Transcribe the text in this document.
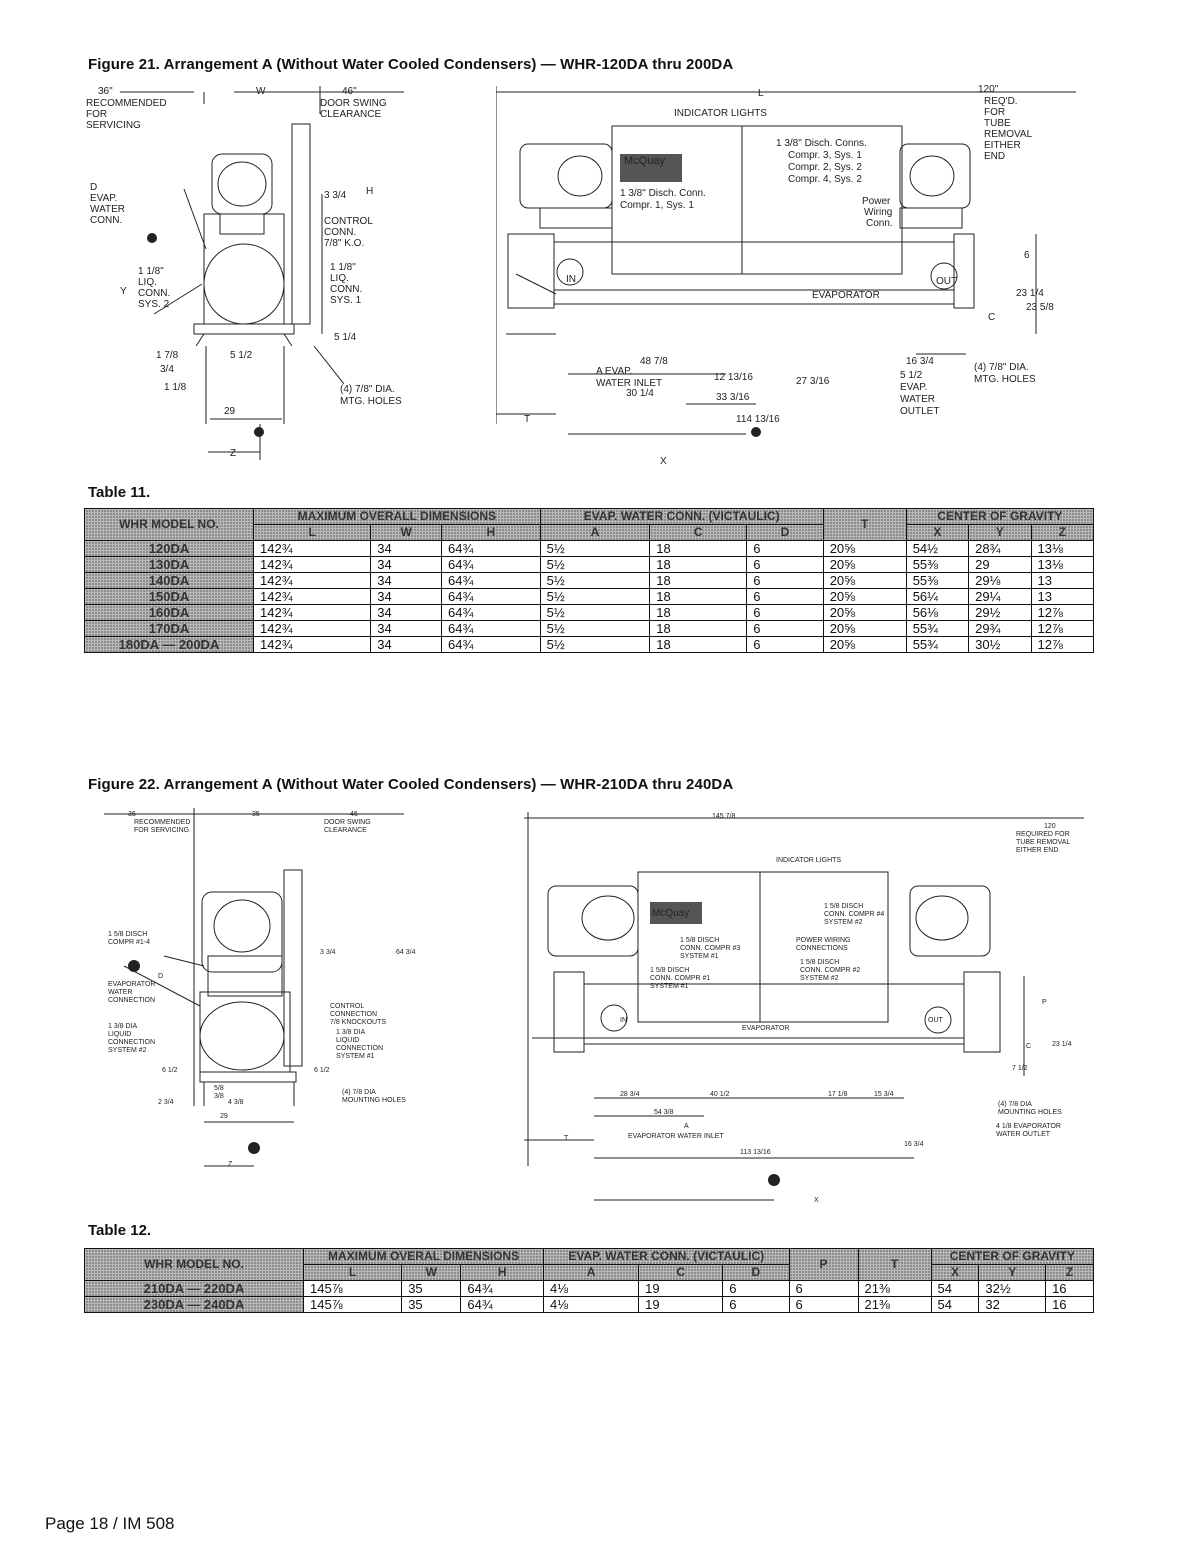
Figure 21. Arrangement A (Without Water Cooled Condensers) — WHR-120DA thru 200DA
36"	W	46"
RECOMMENDED
FOR
SERVICING
DOOR SWING
CLEARANCE
D
EVAP.
WATER
CONN.
3 3/4 H
CONTROL
CONN.
7/8" K.O.
Y
1 1/8"
LIQ.
CONN.
SYS. 2
1 1/8"
LIQ.
CONN.
SYS. 1
5 1/4
1 7/8	5 1/2
3/4
1 1/8	(4) 7/8" DIA.
MTG. HOLES
29
Z
L
INDICATOR LIGHTS
120"
REQ'D.
FOR
TUBE
REMOVAL
EITHER
END
1 3/8" Disch. Conns.
Compr. 3, Sys. 1
Compr. 2, Sys. 2
Compr. 4, Sys. 2
1 3/8" Disch. Conn.
Compr. 1, Sys. 1	Power
Wiring
Conn.
6
IN	OUT
EVAPORATOR	23 1/4
23 5/8
C
48 7/8
A EVAP.
WATER INLET
12 13/16	27 3/16
30 1/4	33 3/16
16 3/4
(4) 7/8" DIA.
MTG. HOLES
5 1/2
EVAP.
WATER
OUTLET
114 13/16
T
X
McQuay
Table 11.
WHR MODEL NO.	MAXIMUM OVERALL DIMENSIONS			EVAP. WATER CONN. (VICTAULIC)			T	CENTER OF GRAVITY		
	L	W	H	A	C	D		X	Y	Z
120DA	142¾	34	64¾	5½	18	6	20⅝	54½	28¾	13⅛
130DA	142¾	34	64¾	5½	18	6	20⅝	55⅜	29	13⅛
140DA	142¾	34	64¾	5½	18	6	20⅝	55⅜	29⅛	13
150DA	142¾	34	64¾	5½	18	6	20⅝	56¼	29¼	13
160DA	142¾	34	64¾	5½	18	6	20⅝	56⅛	29½	12⅞
170DA	142¾	34	64¾	5½	18	6	20⅝	55¾	29¾	12⅞
180DA — 200DA	142¾	34	64¾	5½	18	6	20⅝	55¾	30½	12⅞
Figure 22. Arrangement A (Without Water Cooled Condensers) — WHR-210DA thru 240DA
36	35	46
RECOMMENDED
FOR SERVICING
DOOR SWING
CLEARANCE
1 5/8 DISCH
COMPR #1-4
3 3/4	64 3/4
D
EVAPORATOR
WATER
CONNECTION
CONTROL
CONNECTION
7/8 KNOCKOUTS
1 3/8 DIA
LIQUID
CONNECTION
SYSTEM #2
1 3/8 DIA
LIQUID
CONNECTION
SYSTEM #1
6 1/2	6 1/2
5/8
3/8
2 3/4	4 3/8
(4) 7/8 DIA
MOUNTING HOLES
29
Z
145 7/8
120
REQUIRED FOR
TUBE REMOVAL
EITHER END
INDICATOR LIGHTS
1 5/8 DISCH
CONN. COMPR #4
SYSTEM #2
1 5/8 DISCH
CONN. COMPR #3
SYSTEM #1
POWER WIRING
CONNECTIONS
1 5/8 DISCH
CONN. COMPR #2
SYSTEM #2
1 5/8 DISCH
CONN. COMPR #1
SYSTEM #1
IN	OUT
EVAPORATOR
P
C	23 1/4
7 1/2
28 3/4	40 1/2	17 1/8	15 3/4
54 3/8
A
EVAPORATOR WATER INLET
(4) 7/8 DIA
MOUNTING HOLES
4 1/8 EVAPORATOR
WATER OUTLET
16 3/4
T
113 13/16
X
McQuay
Table 12.
WHR MODEL NO.	MAXIMUM OVERAL DIMENSIONS			EVAP. WATER CONN. (VICTAULIC)			P	T	CENTER OF GRAVITY		
	L	W	H	A	C	D			X	Y	Z
210DA — 220DA	145⅞	35	64¾	4⅛	19	6	6	21⅜	54	32½	16
230DA — 240DA	145⅞	35	64¾	4⅛	19	6	6	21⅜	54	32	16
Page 18 / IM 508
